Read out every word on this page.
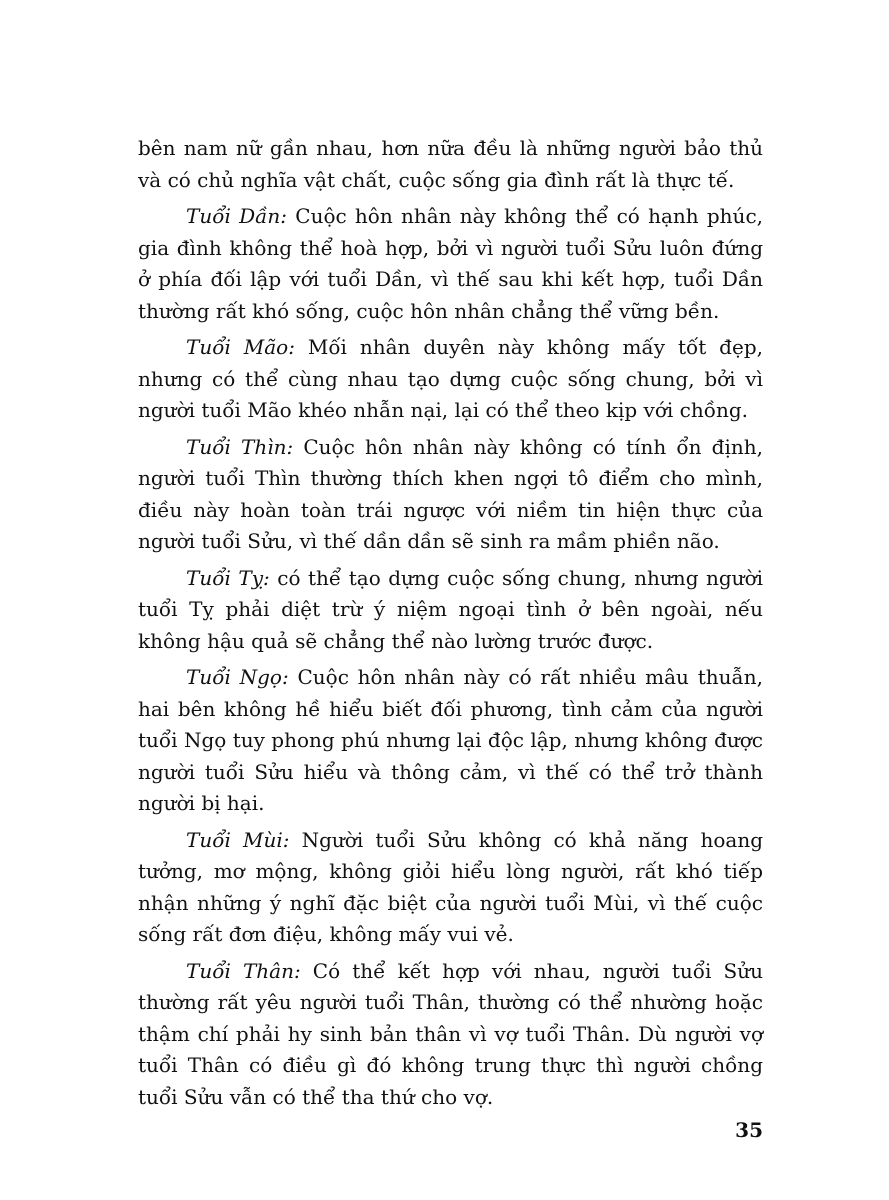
bên nam nữ gần nhau, hơn nữa đều là những người bảo thủ và có chủ nghĩa vật chất, cuộc sống gia đình rất là thực tế.

Tuổi Dần: Cuộc hôn nhân này không thể có hạnh phúc, gia đình không thể hoà hợp, bởi vì người tuổi Sửu luôn đứng ở phía đối lập với tuổi Dần, vì thế sau khi kết hợp, tuổi Dần thường rất khó sống, cuộc hôn nhân chẳng thể vững bền.

Tuổi Mão: Mối nhân duyên này không mấy tốt đẹp, nhưng có thể cùng nhau tạo dựng cuộc sống chung, bởi vì người tuổi Mão khéo nhẫn nại, lại có thể theo kịp với chồng.

Tuổi Thìn: Cuộc hôn nhân này không có tính ổn định, người tuổi Thìn thường thích khen ngợi tô điểm cho mình, điều này hoàn toàn trái ngược với niềm tin hiện thực của người tuổi Sửu, vì thế dần dần sẽ sinh ra mầm phiền não.

Tuổi Tỵ: có thể tạo dựng cuộc sống chung, nhưng người tuổi Tỵ phải diệt trừ ý niệm ngoại tình ở bên ngoài, nếu không hậu quả sẽ chẳng thể nào lường trước được.

Tuổi Ngọ: Cuộc hôn nhân này có rất nhiều mâu thuẫn, hai bên không hề hiểu biết đối phương, tình cảm của người tuổi Ngọ tuy phong phú nhưng lại độc lập, nhưng không được người tuổi Sửu hiểu và thông cảm, vì thế có thể trở thành người bị hại.

Tuổi Mùi: Người tuổi Sửu không có khả năng hoang tưởng, mơ mộng, không giỏi hiểu lòng người, rất khó tiếp nhận những ý nghĩ đặc biệt của người tuổi Mùi, vì thế cuộc sống rất đơn điệu, không mấy vui vẻ.

Tuổi Thân: Có thể kết hợp với nhau, người tuổi Sửu thường rất yêu người tuổi Thân, thường có thể nhường hoặc thậm chí phải hy sinh bản thân vì vợ tuổi Thân. Dù người vợ tuổi Thân có điều gì đó không trung thực thì người chồng tuổi Sửu vẫn có thể tha thứ cho vợ.

35
